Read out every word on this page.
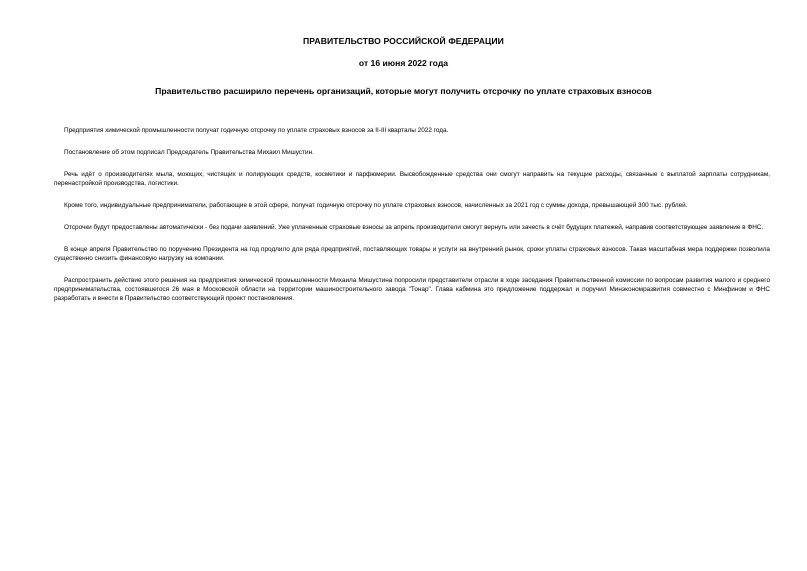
ПРАВИТЕЛЬСТВО РОССИЙСКОЙ ФЕДЕРАЦИИ
от 16 июня 2022 года
Правительство расширило перечень организаций, которые могут получить отсрочку по уплате страховых взносов

Предприятия химической промышленности получат годичную отсрочку по уплате страховых взносов за II-III кварталы 2022 года.

Постановление об этом подписал Председатель Правительства Михаил Мишустин.

Речь идёт о производителях мыла, моющих, чистящих и полирующих средств, косметики и парфюмерии. Высвобожденные средства они смогут направить на текущие расходы, связанные с выплатой зарплаты сотрудникам, перенастройкой производства, логистики.

Кроме того, индивидуальные предприниматели, работающие в этой сфере, получат годичную отсрочку по уплате страховых взносов, начисленных за 2021 год с суммы дохода, превышающей 300 тыс. рублей.

Отсрочки будут предоставлены автоматически - без подачи заявлений. Уже уплаченные страховые взносы за апрель производители смогут вернуть или зачесть в счёт будущих платежей, направив соответствующее заявление в ФНС.

В конце апреля Правительство по поручению Президента на год продлило для ряда предприятий, поставляющих товары и услуги на внутренний рынок, сроки уплаты страховых взносов. Такая масштабная мера поддержки позволила существенно снизить финансовую нагрузку на компании.

Распространить действие этого решения на предприятия химической промышленности Михаила Мишустина попросили представители отрасли в ходе заседания Правительственной комиссии по вопросам развития малого и среднего предпринимательства, состоявшегося 26 мая в Московской области на территории машиностроительного завода "Тонар". Глава кабмина это предложение поддержал и поручил Минэкономразвития совместно с Минфином и ФНС разработать и внести в Правительство соответствующий проект постановления.
